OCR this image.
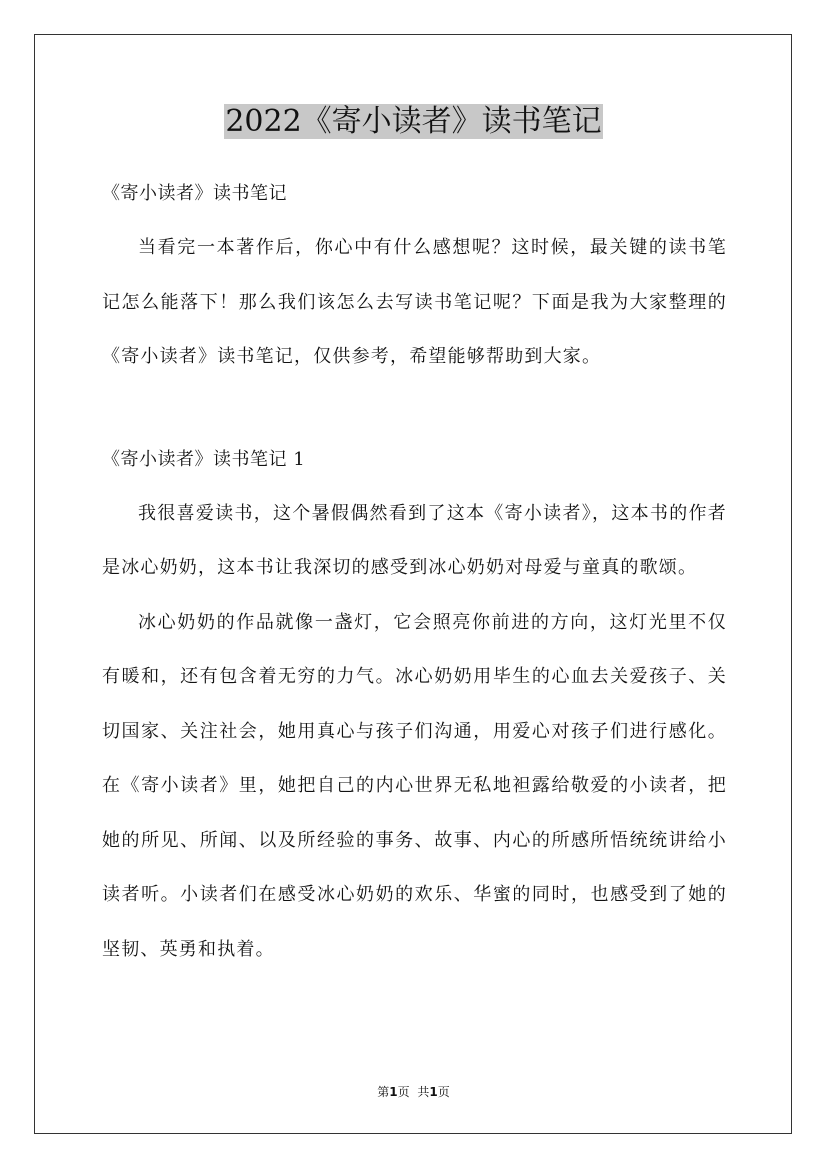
2022《寄小读者》读书笔记

《寄小读者》读书笔记

当看完一本著作后，你心中有什么感想呢？这时候，最关键的读书笔记怎么能落下！那么我们该怎么去写读书笔记呢？下面是我为大家整理的《寄小读者》读书笔记，仅供参考，希望能够帮助到大家。

《寄小读者》读书笔记 1

我很喜爱读书，这个暑假偶然看到了这本《寄小读者》，这本书的作者是冰心奶奶，这本书让我深切的感受到冰心奶奶对母爱与童真的歌颂。

冰心奶奶的作品就像一盏灯，它会照亮你前进的方向，这灯光里不仅有暖和，还有包含着无穷的力气。冰心奶奶用毕生的心血去关爱孩子、关切国家、关注社会，她用真心与孩子们沟通，用爱心对孩子们进行感化。在《寄小读者》里，她把自己的内心世界无私地袒露给敬爱的小读者，把她的所见、所闻、以及所经验的事务、故事、内心的所感所悟统统讲给小读者听。小读者们在感受冰心奶奶的欢乐、华蜜的同时，也感受到了她的坚韧、英勇和执着。

第1页 共1页
